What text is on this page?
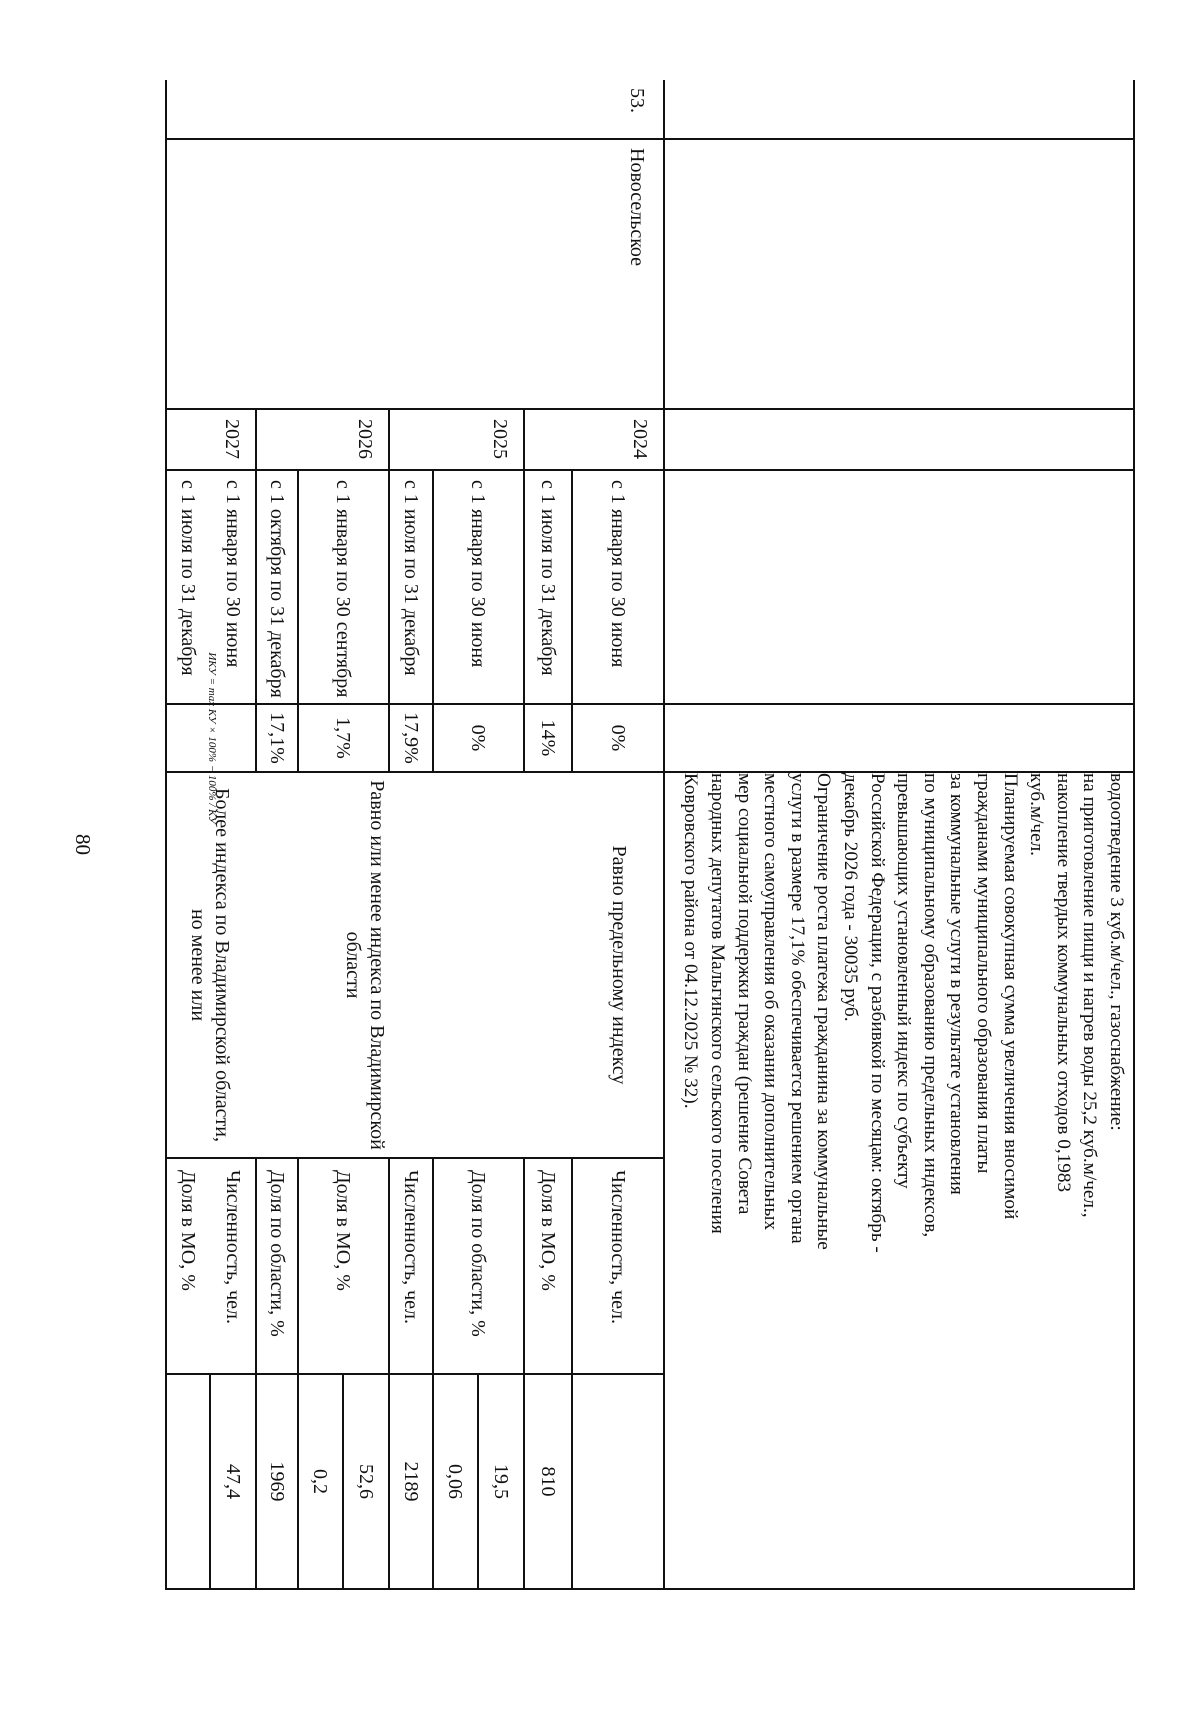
80	водоотведение 3 куб.м/чел., газоснабжение:
на приготовление пищи и нагрев воды 25,2 куб.м/чел.,
накопление твердых коммунальных отходов 0,1983
куб.м/чел.
Планируемая совокупная сумма увеличения вносимой
гражданами муниципального образования платы
за коммунальные услуги в результате установления
по муниципальному образованию предельных индексов,
превышающих установленный индекс по субъекту
Российской Федерации, с разбивкой по месяцам: октябрь -
декабрь 2026 года - 30035 руб.
Ограничение роста платежа гражданина за коммунальные
услуги в размере 17,1% обеспечивается решением органа
местного самоуправления об оказании дополнительных
мер социальной поддержки граждан (решение Совета
народных депутатов Мальгинского сельского поселения
Ковровского района от 04.12.2025 № 32).
53.
Новосельское
2024
2025
2026
2027
с 1 января по 30 июня
с 1 июля по 31 декабря
с 1 января по 30 июня
с 1 июля по 31 декабря
с 1 января по 30 сентября
с 1 октября по 31 декабря
с 1 января по 30 июня
с 1 июля по 31 декабря
0%
14%
0%
17,9%
1,7%
17,1%
ИКУ = max КУ × 100% − 100% / КУ
Равно предельному индексу
Равно или менее индекса по Владимирской области
Более индекса по Владимирской области, но менее или
Численность, чел.
Доля в МО, %
Доля по области, %
Численность, чел.
Доля в МО, %
Доля по области, %
Численность, чел.
Доля в МО, %
810
19,5
0,06
2189
52,6
0,2
1969
47,4
